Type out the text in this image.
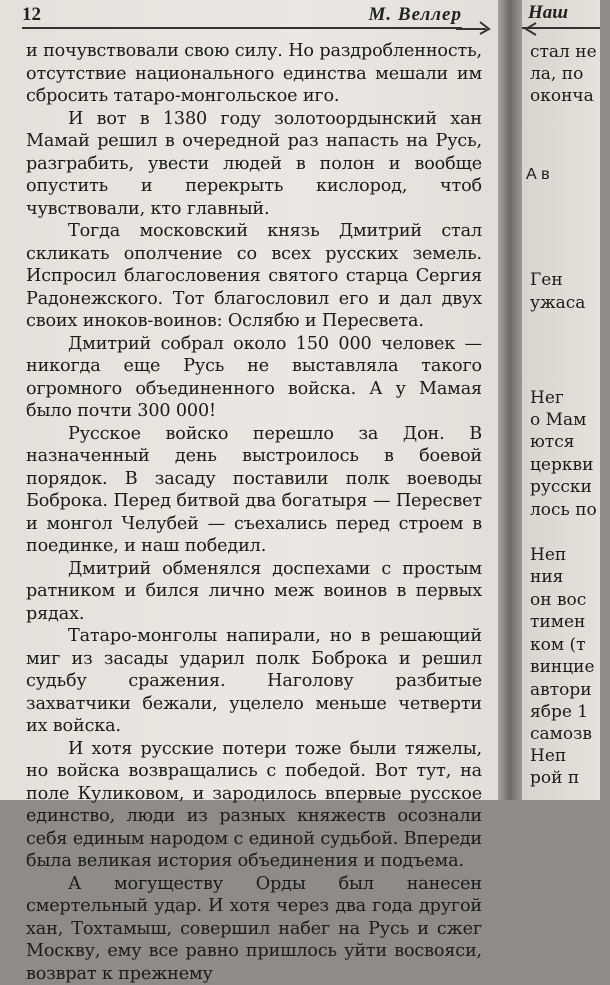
12	М. Веллер

и почувствовали свою силу. Но раздробленность, отсутствие национального единства мешали им сбросить татаро-монгольское иго.

И вот в 1380 году золотоордынский хан Мамай решил в очередной раз напасть на Русь, разграбить, увести людей в полон и вообще опустить и перекрыть кислород, чтоб чувствовали, кто главный.

Тогда московский князь Дмитрий стал скликать ополчение со всех русских земель. Испросил благословения святого старца Сергия Радонежского. Тот благословил его и дал двух своих иноков-воинов: Ослябю и Пересвета.

Дмитрий собрал около 150 000 человек — никогда еще Русь не выставляла такого огромного объединенного войска. А у Мамая было почти 300 000!

Русское войско перешло за Дон. В назначенный день выстроилось в боевой порядок. В засаду поставили полк воеводы Боброка. Перед битвой два богатыря — Пересвет и монгол Челубей — съехались перед строем в поединке, и наш победил.

Дмитрий обменялся доспехами с простым ратником и бился лично меж воинов в первых рядах.

Татаро-монголы напирали, но в решающий миг из засады ударил полк Боброка и решил судьбу сражения. Наголову разбитые захватчики бежали, уцелело меньше четверти их войска.

И хотя русские потери тоже были тяжелы, но войска возвращались с победой. Вот тут, на поле Куликовом, и зародилось впервые русское единство, люди из разных княжеств осознали себя единым народом с единой судьбой. Впереди была великая история объединения и подъема.

А могуществу Орды был нанесен смертельный удар. И хотя через два года другой хан, Тохтамыш, совершил набег на Русь и сжег Москву, ему все равно пришлось уйти восвояси, возврат к прежнему

Наш
А в
стал не
ла, по
оконча
Ген
ужаса
Нег
о Мам
ются
церкви
русски
лось по
Неп
ния
он вос
тимен
ком (т
винцие
автори
ябре 1
самозв
Неп
рой п
